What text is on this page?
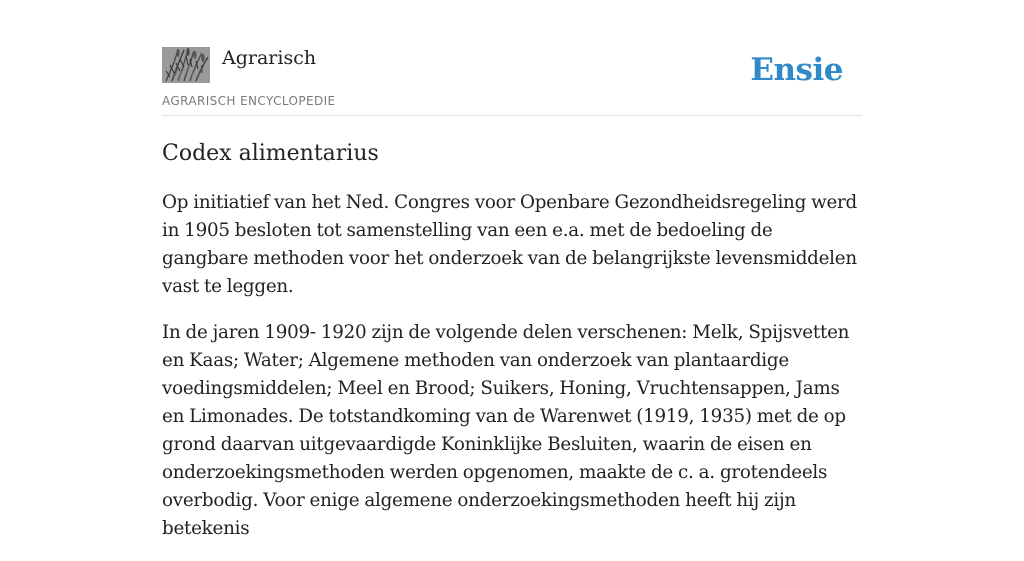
Agrarisch
AGRARISCH ENCYCLOPEDIE
Ensie
Codex alimentarius

Op initiatief van het Ned. Congres voor Openbare Gezondheidsregeling werd in 1905 besloten tot samenstelling van een e.a. met de bedoeling de gangbare methoden voor het onderzoek van de belangrijkste levensmiddelen vast te leggen.

In de jaren 1909- 1920 zijn de volgende delen verschenen: Melk, Spijsvetten en Kaas; Water; Algemene methoden van onderzoek van plantaardige voedingsmiddelen; Meel en Brood; Suikers, Honing, Vruchtensappen, Jams en Limonades. De totstandkoming van de Warenwet (1919, 1935) met de op grond daarvan uitgevaardigde Koninklijke Besluiten, waarin de eisen en onderzoekingsmethoden werden opgenomen, maakte de c. a. grotendeels overbodig. Voor enige algemene onderzoekingsmethoden heeft hij zijn betekenis
